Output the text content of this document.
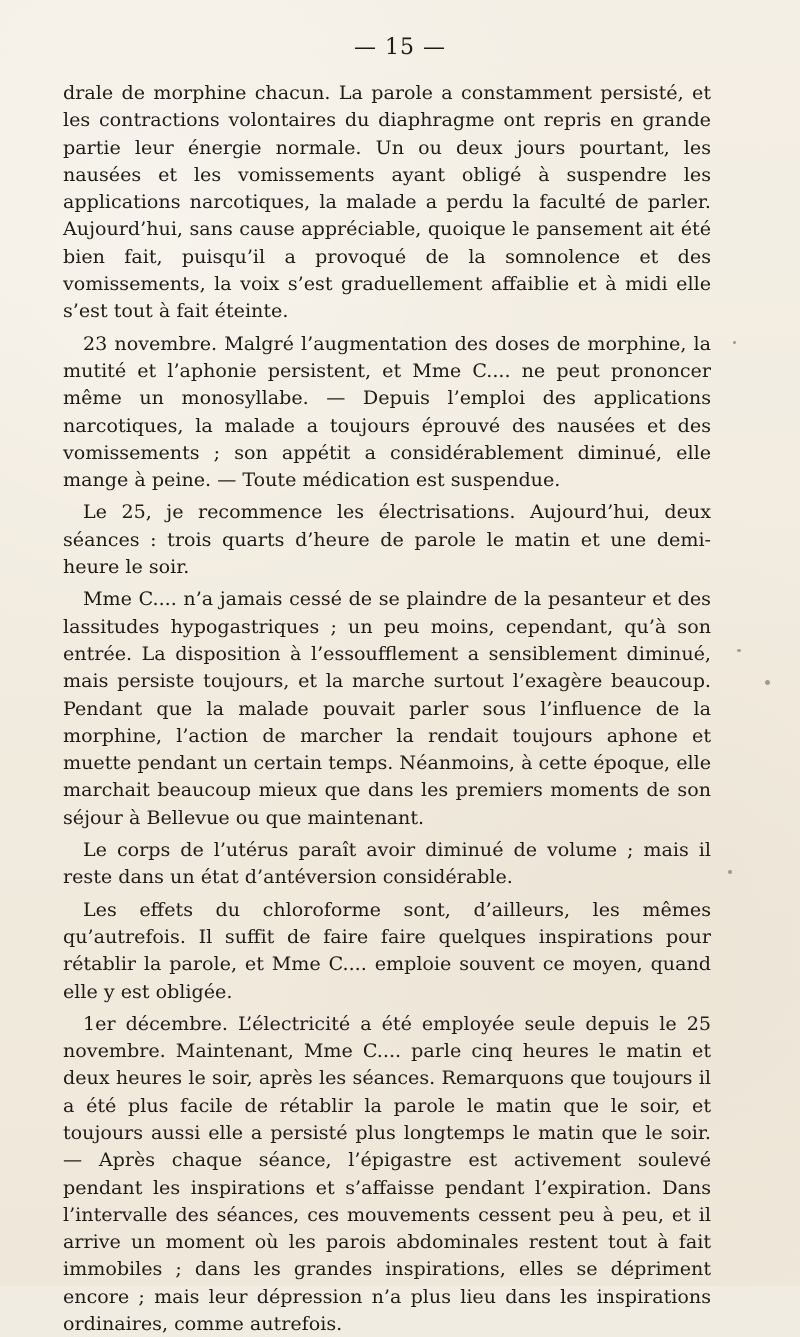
— 15 —

drale de morphine chacun. La parole a constamment persisté, et les contractions volontaires du diaphragme ont repris en grande partie leur énergie normale. Un ou deux jours pourtant, les nausées et les vomissements ayant obligé à suspendre les applications narcotiques, la malade a perdu la faculté de parler. Aujourd’hui, sans cause appréciable, quoique le pansement ait été bien fait, puisqu’il a provoqué de la somnolence et des vomissements, la voix s’est graduellement affaiblie et à midi elle s’est tout à fait éteinte.

23 novembre. Malgré l’augmentation des doses de morphine, la mutité et l’aphonie persistent, et Mme C.... ne peut prononcer même un monosyllabe. — Depuis l’emploi des applications narcotiques, la malade a toujours éprouvé des nausées et des vomissements ; son appétit a considérablement diminué, elle mange à peine. — Toute médication est suspendue.

Le 25, je recommence les électrisations. Aujourd’hui, deux séances : trois quarts d’heure de parole le matin et une demi-heure le soir.

Mme C.... n’a jamais cessé de se plaindre de la pesanteur et des lassitudes hypogastriques ; un peu moins, cependant, qu’à son entrée. La disposition à l’essoufflement a sensiblement diminué, mais persiste toujours, et la marche surtout l’exagère beaucoup. Pendant que la malade pouvait parler sous l’influence de la morphine, l’action de marcher la rendait toujours aphone et muette pendant un certain temps. Néanmoins, à cette époque, elle marchait beaucoup mieux que dans les premiers moments de son séjour à Bellevue ou que maintenant.

Le corps de l’utérus paraît avoir diminué de volume ; mais il reste dans un état d’antéversion considérable.

Les effets du chloroforme sont, d’ailleurs, les mêmes qu’autrefois. Il suffit de faire faire quelques inspirations pour rétablir la parole, et Mme C.... emploie souvent ce moyen, quand elle y est obligée.

1er décembre. L’électricité a été employée seule depuis le 25 novembre. Maintenant, Mme C.... parle cinq heures le matin et deux heures le soir, après les séances. Remarquons que toujours il a été plus facile de rétablir la parole le matin que le soir, et toujours aussi elle a persisté plus longtemps le matin que le soir. — Après chaque séance, l’épigastre est activement soulevé pendant les inspirations et s’affaisse pendant l’expiration. Dans l’intervalle des séances, ces mouvements cessent peu à peu, et il arrive un moment où les parois abdominales restent tout à fait immobiles ; dans les grandes inspirations, elles se dépriment encore ; mais leur dépression n’a plus lieu dans les inspirations ordinaires, comme autrefois.
